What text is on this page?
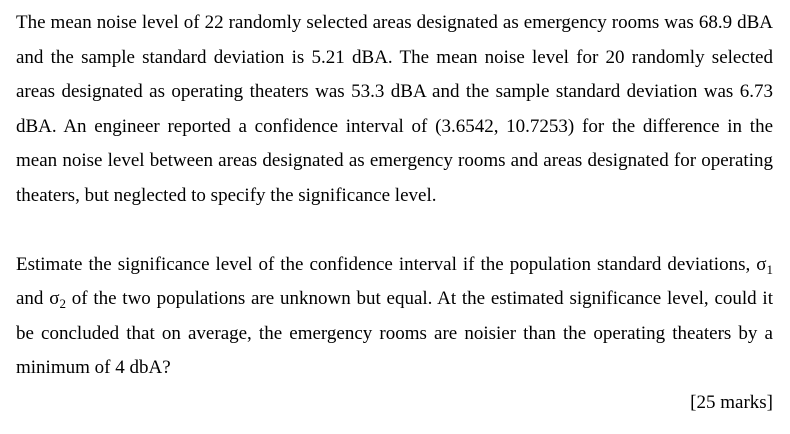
The mean noise level of 22 randomly selected areas designated as emergency rooms was 68.9 dBA and the sample standard deviation is 5.21 dBA. The mean noise level for 20 randomly selected areas designated as operating theaters was 53.3 dBA and the sample standard deviation was 6.73 dBA. An engineer reported a confidence interval of (3.6542, 10.7253) for the difference in the mean noise level between areas designated as emergency rooms and areas designated for operating theaters, but neglected to specify the significance level.

Estimate the significance level of the confidence interval if the population standard deviations, $\sigma_1$ and $\sigma_2$ of the two populations are unknown but equal. At the estimated significance level, could it be concluded that on average, the emergency rooms are noisier than the operating theaters by a minimum of 4 dbA?

[25 marks]
